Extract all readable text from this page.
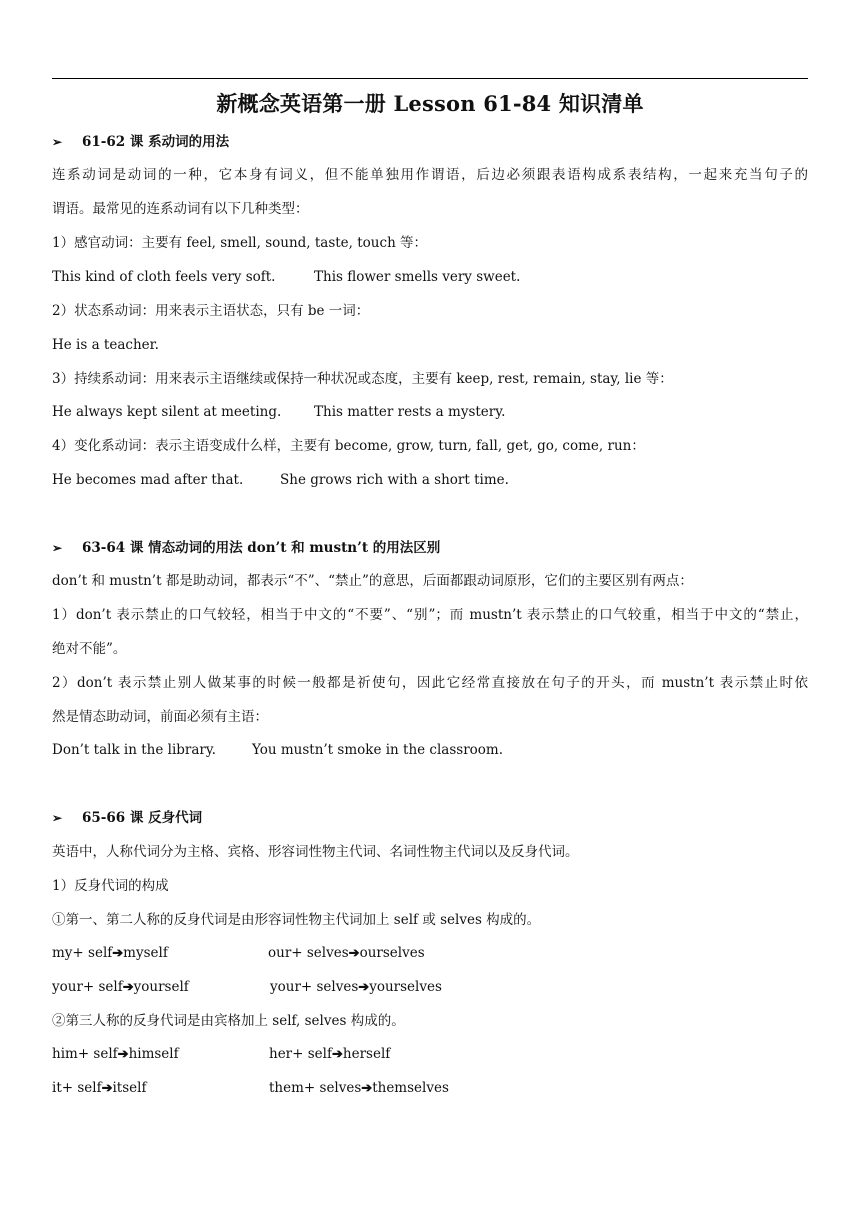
新概念英语第一册 Lesson 61-84 知识清单
➢ 61-62 课 系动词的用法
连系动词是动词的一种，它本身有词义，但不能单独用作谓语，后边必须跟表语构成系表结构，一起来充当句子的
谓语。最常见的连系动词有以下几种类型：
1）感官动词：主要有 feel, smell, sound, taste, touch 等：
This kind of cloth feels very soft.	This flower smells very sweet.
2）状态系动词：用来表示主语状态，只有 be 一词：
He is a teacher.
3）持续系动词：用来表示主语继续或保持一种状况或态度，主要有 keep, rest, remain, stay, lie 等：
He always kept silent at meeting. This matter rests a mystery.
4）变化系动词：表示主语变成什么样，主要有 become, grow, turn, fall, get, go, come, run：
He becomes mad after that.	She grows rich with a short time.
➢ 63-64 课 情态动词的用法 don’t 和 mustn’t 的用法区别
don’t 和 mustn’t 都是助动词，都表示“不”、“禁止”的意思，后面都跟动词原形，它们的主要区别有两点：
1）don’t 表示禁止的口气较轻，相当于中文的“不要”、“别”；而 mustn’t 表示禁止的口气较重，相当于中文的“禁止，
绝对不能”。
2）don’t 表示禁止别人做某事的时候一般都是祈使句，因此它经常直接放在句子的开头，而 mustn’t 表示禁止时依
然是情态助动词，前面必须有主语：
Don’t talk in the library.	You mustn’t smoke in the classroom.
➢ 65-66 课 反身代词
英语中，人称代词分为主格、宾格、形容词性物主代词、名词性物主代词以及反身代词。
1）反身代词的构成
①第一、第二人称的反身代词是由形容词性物主代词加上 self 或 selves 构成的。
my+ self➔myself	our+ selves➔ourselves
your+ self➔yourself	your+ selves➔yourselves
②第三人称的反身代词是由宾格加上 self, selves 构成的。
him+ self➔himself	her+ self➔herself
it+ self➔itself	them+ selves➔themselves
